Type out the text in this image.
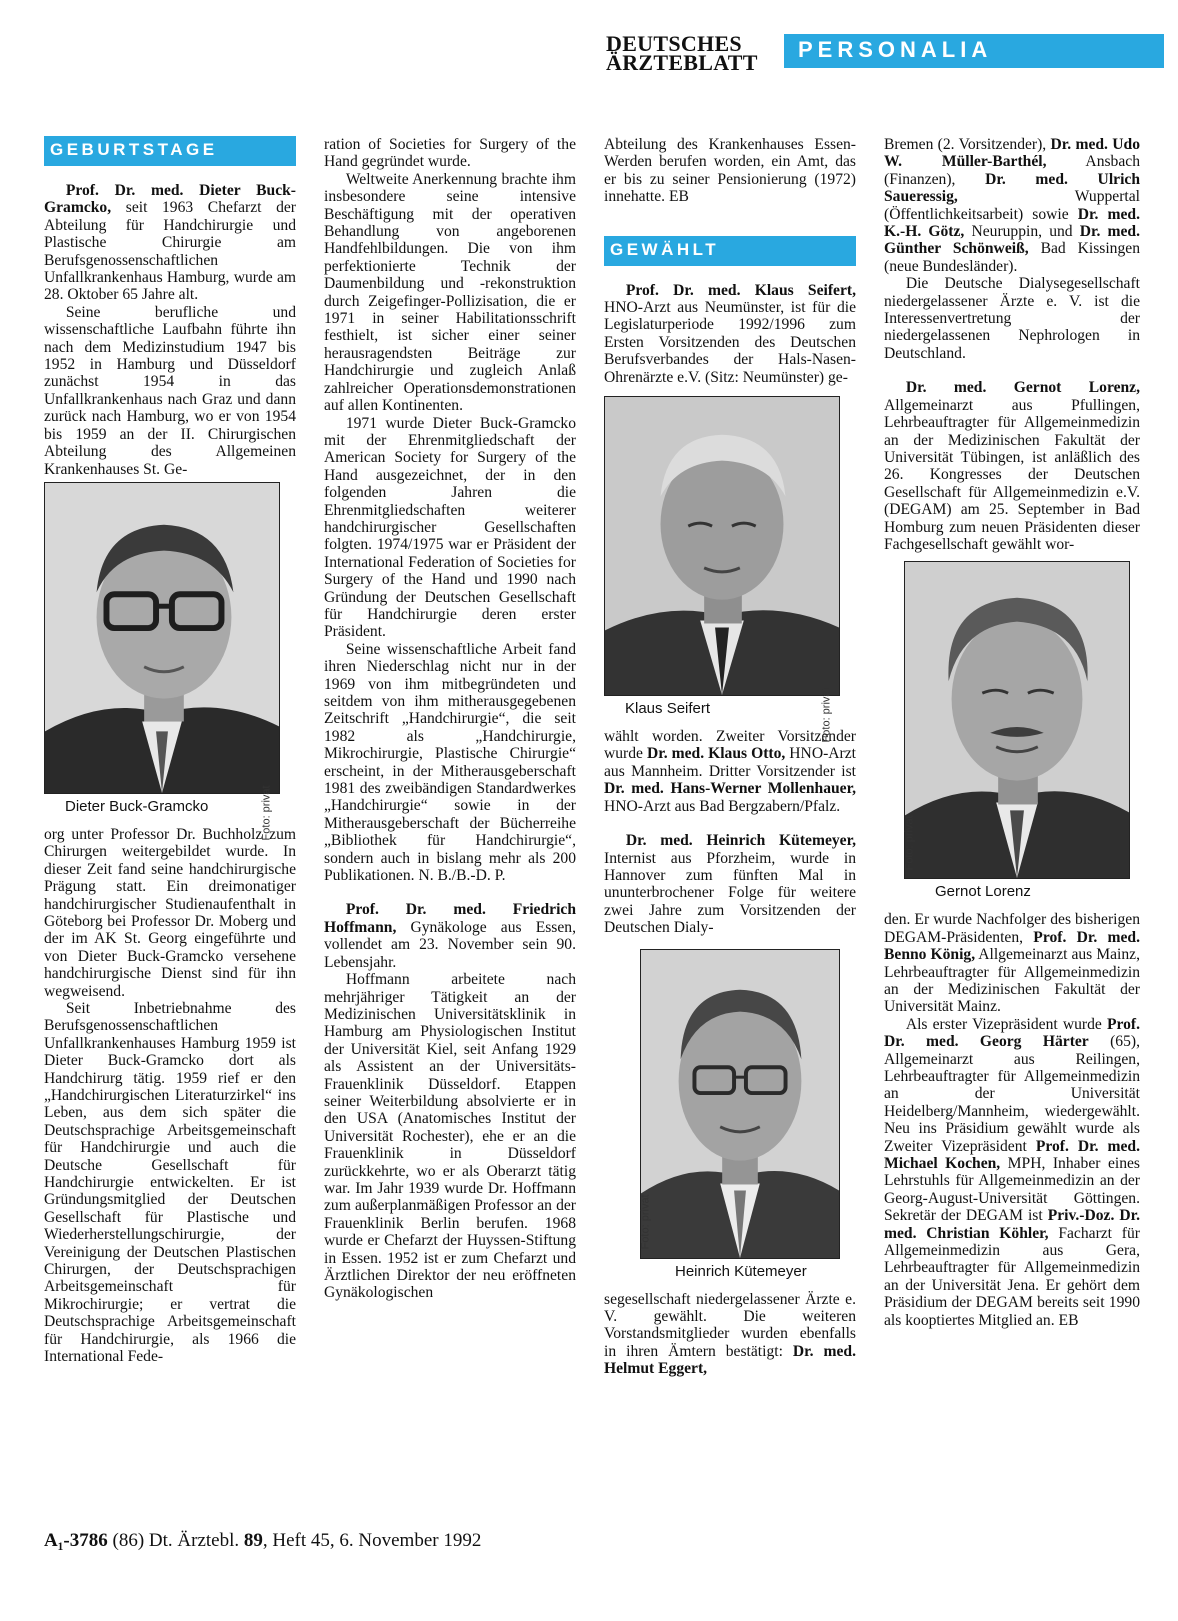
DEUTSCHES
ÄRZTEBLATT
PERSONALIA
GEBURTSTAGE

Prof. Dr. med. Dieter Buck-Gramcko, seit 1963 Chefarzt der Abteilung für Handchirurgie und Plastische Chirurgie am Berufsgenossenschaftlichen Unfallkrankenhaus Hamburg, wurde am 28. Oktober 65 Jahre alt.

Seine berufliche und wissenschaftliche Laufbahn führte ihn nach dem Medizinstudium 1947 bis 1952 in Hamburg und Düsseldorf zunächst 1954 in das Unfallkrankenhaus nach Graz und dann zurück nach Hamburg, wo er von 1954 bis 1959 an der II. Chirurgischen Abteilung des Allgemeinen Krankenhauses St. Ge-

Foto: privat

Dieter Buck-Gramcko

org unter Professor Dr. Buchholz zum Chirurgen weitergebildet wurde. In dieser Zeit fand seine handchirurgische Prägung statt. Ein dreimonatiger handchirurgischer Studienaufenthalt in Göteborg bei Professor Dr. Moberg und der im AK St. Georg eingeführte und von Dieter Buck-Gramcko versehene handchirurgische Dienst sind für ihn wegweisend.

Seit Inbetriebnahme des Berufsgenossenschaftlichen Unfallkrankenhauses Hamburg 1959 ist Dieter Buck-Gramcko dort als Handchirurg tätig. 1959 rief er den „Handchirurgischen Literaturzirkel“ ins Leben, aus dem sich später die Deutschsprachige Arbeitsgemeinschaft für Handchirurgie und auch die Deutsche Gesellschaft für Handchirurgie entwickelten. Er ist Gründungsmitglied der Deutschen Gesellschaft für Plastische und Wiederherstellungschirurgie, der Vereinigung der Deutschen Plastischen Chirurgen, der Deutschsprachigen Arbeitsgemeinschaft für Mikrochirurgie; er vertrat die Deutschsprachige Arbeitsgemeinschaft für Handchirurgie, als 1966 die International Fede-

ration of Societies for Surgery of the Hand gegründet wurde.

Weltweite Anerkennung brachte ihm insbesondere seine intensive Beschäftigung mit der operativen Behandlung von angeborenen Handfehlbildungen. Die von ihm perfektionierte Technik der Daumenbildung und -rekonstruktion durch Zeigefinger-Pollizisation, die er 1971 in seiner Habilitationsschrift festhielt, ist sicher einer seiner herausragendsten Beiträge zur Handchirurgie und zugleich Anlaß zahlreicher Operationsdemonstrationen auf allen Kontinenten.

1971 wurde Dieter Buck-Gramcko mit der Ehrenmitgliedschaft der American Society for Surgery of the Hand ausgezeichnet, der in den folgenden Jahren die Ehrenmitgliedschaften weiterer handchirurgischer Gesellschaften folgten. 1974/1975 war er Präsident der International Federation of Societies for Surgery of the Hand und 1990 nach Gründung der Deutschen Gesellschaft für Handchirurgie deren erster Präsident.

Seine wissenschaftliche Arbeit fand ihren Niederschlag nicht nur in der 1969 von ihm mitbegründeten und seitdem von ihm mitherausgegebenen Zeitschrift „Handchirurgie“, die seit 1982 als „Handchirurgie, Mikrochirurgie, Plastische Chirurgie“ erscheint, in der Mitherausgeberschaft 1981 des zweibändigen Standardwerkes „Handchirurgie“ sowie in der Mitherausgeberschaft der Bücherreihe „Bibliothek für Handchirurgie“, sondern auch in bislang mehr als 200 Publikationen. N. B./B.-D. P.

Prof. Dr. med. Friedrich Hoffmann, Gynäkologe aus Essen, vollendet am 23. November sein 90. Lebensjahr.

Hoffmann arbeitete nach mehrjähriger Tätigkeit an der Medizinischen Universitätsklinik in Hamburg am Physiologischen Institut der Universität Kiel, seit Anfang 1929 als Assistent an der Universitäts-Frauenklinik Düsseldorf. Etappen seiner Weiterbildung absolvierte er in den USA (Anatomisches Institut der Universität Rochester), ehe er an die Frauenklinik in Düsseldorf zurückkehrte, wo er als Oberarzt tätig war. Im Jahr 1939 wurde Dr. Hoffmann zum außerplanmäßigen Professor an der Frauenklinik Berlin berufen. 1968 wurde er Chefarzt der Huyssen-Stiftung in Essen. 1952 ist er zum Chefarzt und Ärztlichen Direktor der neu eröffneten Gynäkologischen

Abteilung des Krankenhauses Essen-Werden berufen worden, ein Amt, das er bis zu seiner Pensionierung (1972) innehatte. EB

GEWÄHLT

Prof. Dr. med. Klaus Seifert, HNO-Arzt aus Neumünster, ist für die Legislaturperiode 1992/1996 zum Ersten Vorsitzenden des Deutschen Berufsverbandes der Hals-Nasen-Ohrenärzte e.V. (Sitz: Neumünster) ge-

Foto: privat

Klaus Seifert

wählt worden. Zweiter Vorsitzender wurde Dr. med. Klaus Otto, HNO-Arzt aus Mannheim. Dritter Vorsitzender ist Dr. med. Hans-Werner Mollenhauer, HNO-Arzt aus Bad Bergzabern/Pfalz.

Dr. med. Heinrich Kütemeyer, Internist aus Pforzheim, wurde in Hannover zum fünften Mal in ununterbrochener Folge für weitere zwei Jahre zum Vorsitzenden der Deutschen Dialy-

Foto: privat

Heinrich Kütemeyer

segesellschaft niedergelassener Ärzte e. V. gewählt. Die weiteren Vorstandsmitglieder wurden ebenfalls in ihren Ämtern bestätigt: Dr. med. Helmut Eggert,

Bremen (2. Vorsitzender), Dr. med. Udo W. Müller-Barthél, Ansbach (Finanzen), Dr. med. Ulrich Saueressig, Wuppertal (Öffentlichkeitsarbeit) sowie Dr. med. K.-H. Götz, Neuruppin, und Dr. med. Günther Schönweiß, Bad Kissingen (neue Bundesländer).

Die Deutsche Dialysegesellschaft niedergelassener Ärzte e. V. ist die Interessenvertretung der niedergelassenen Nephrologen in Deutschland.

Dr. med. Gernot Lorenz, Allgemeinarzt aus Pfullingen, Lehrbeauftragter für Allgemeinmedizin an der Medizinischen Fakultät der Universität Tübingen, ist anläßlich des 26. Kongresses der Deutschen Gesellschaft für Allgemeinmedizin e.V. (DEGAM) am 25. September in Bad Homburg zum neuen Präsidenten dieser Fachgesellschaft gewählt wor-

Foto: privat

Gernot Lorenz

den. Er wurde Nachfolger des bisherigen DEGAM-Präsidenten, Prof. Dr. med. Benno König, Allgemeinarzt aus Mainz, Lehrbeauftragter für Allgemeinmedizin an der Medizinischen Fakultät der Universität Mainz.

Als erster Vizepräsident wurde Prof. Dr. med. Georg Härter (65), Allgemeinarzt aus Reilingen, Lehrbeauftragter für Allgemeinmedizin an der Universität Heidelberg/Mannheim, wiedergewählt. Neu ins Präsidium gewählt wurde als Zweiter Vizepräsident Prof. Dr. med. Michael Kochen, MPH, Inhaber eines Lehrstuhls für Allgemeinmedizin an der Georg-August-Universität Göttingen. Sekretär der DEGAM ist Priv.-Doz. Dr. med. Christian Köhler, Facharzt für Allgemeinmedizin aus Gera, Lehrbeauftragter für Allgemeinmedizin an der Universität Jena. Er gehört dem Präsidium der DEGAM bereits seit 1990 als kooptiertes Mitglied an. EB

A₁-3786 (86) Dt. Ärztebl. 89, Heft 45, 6. November 1992
